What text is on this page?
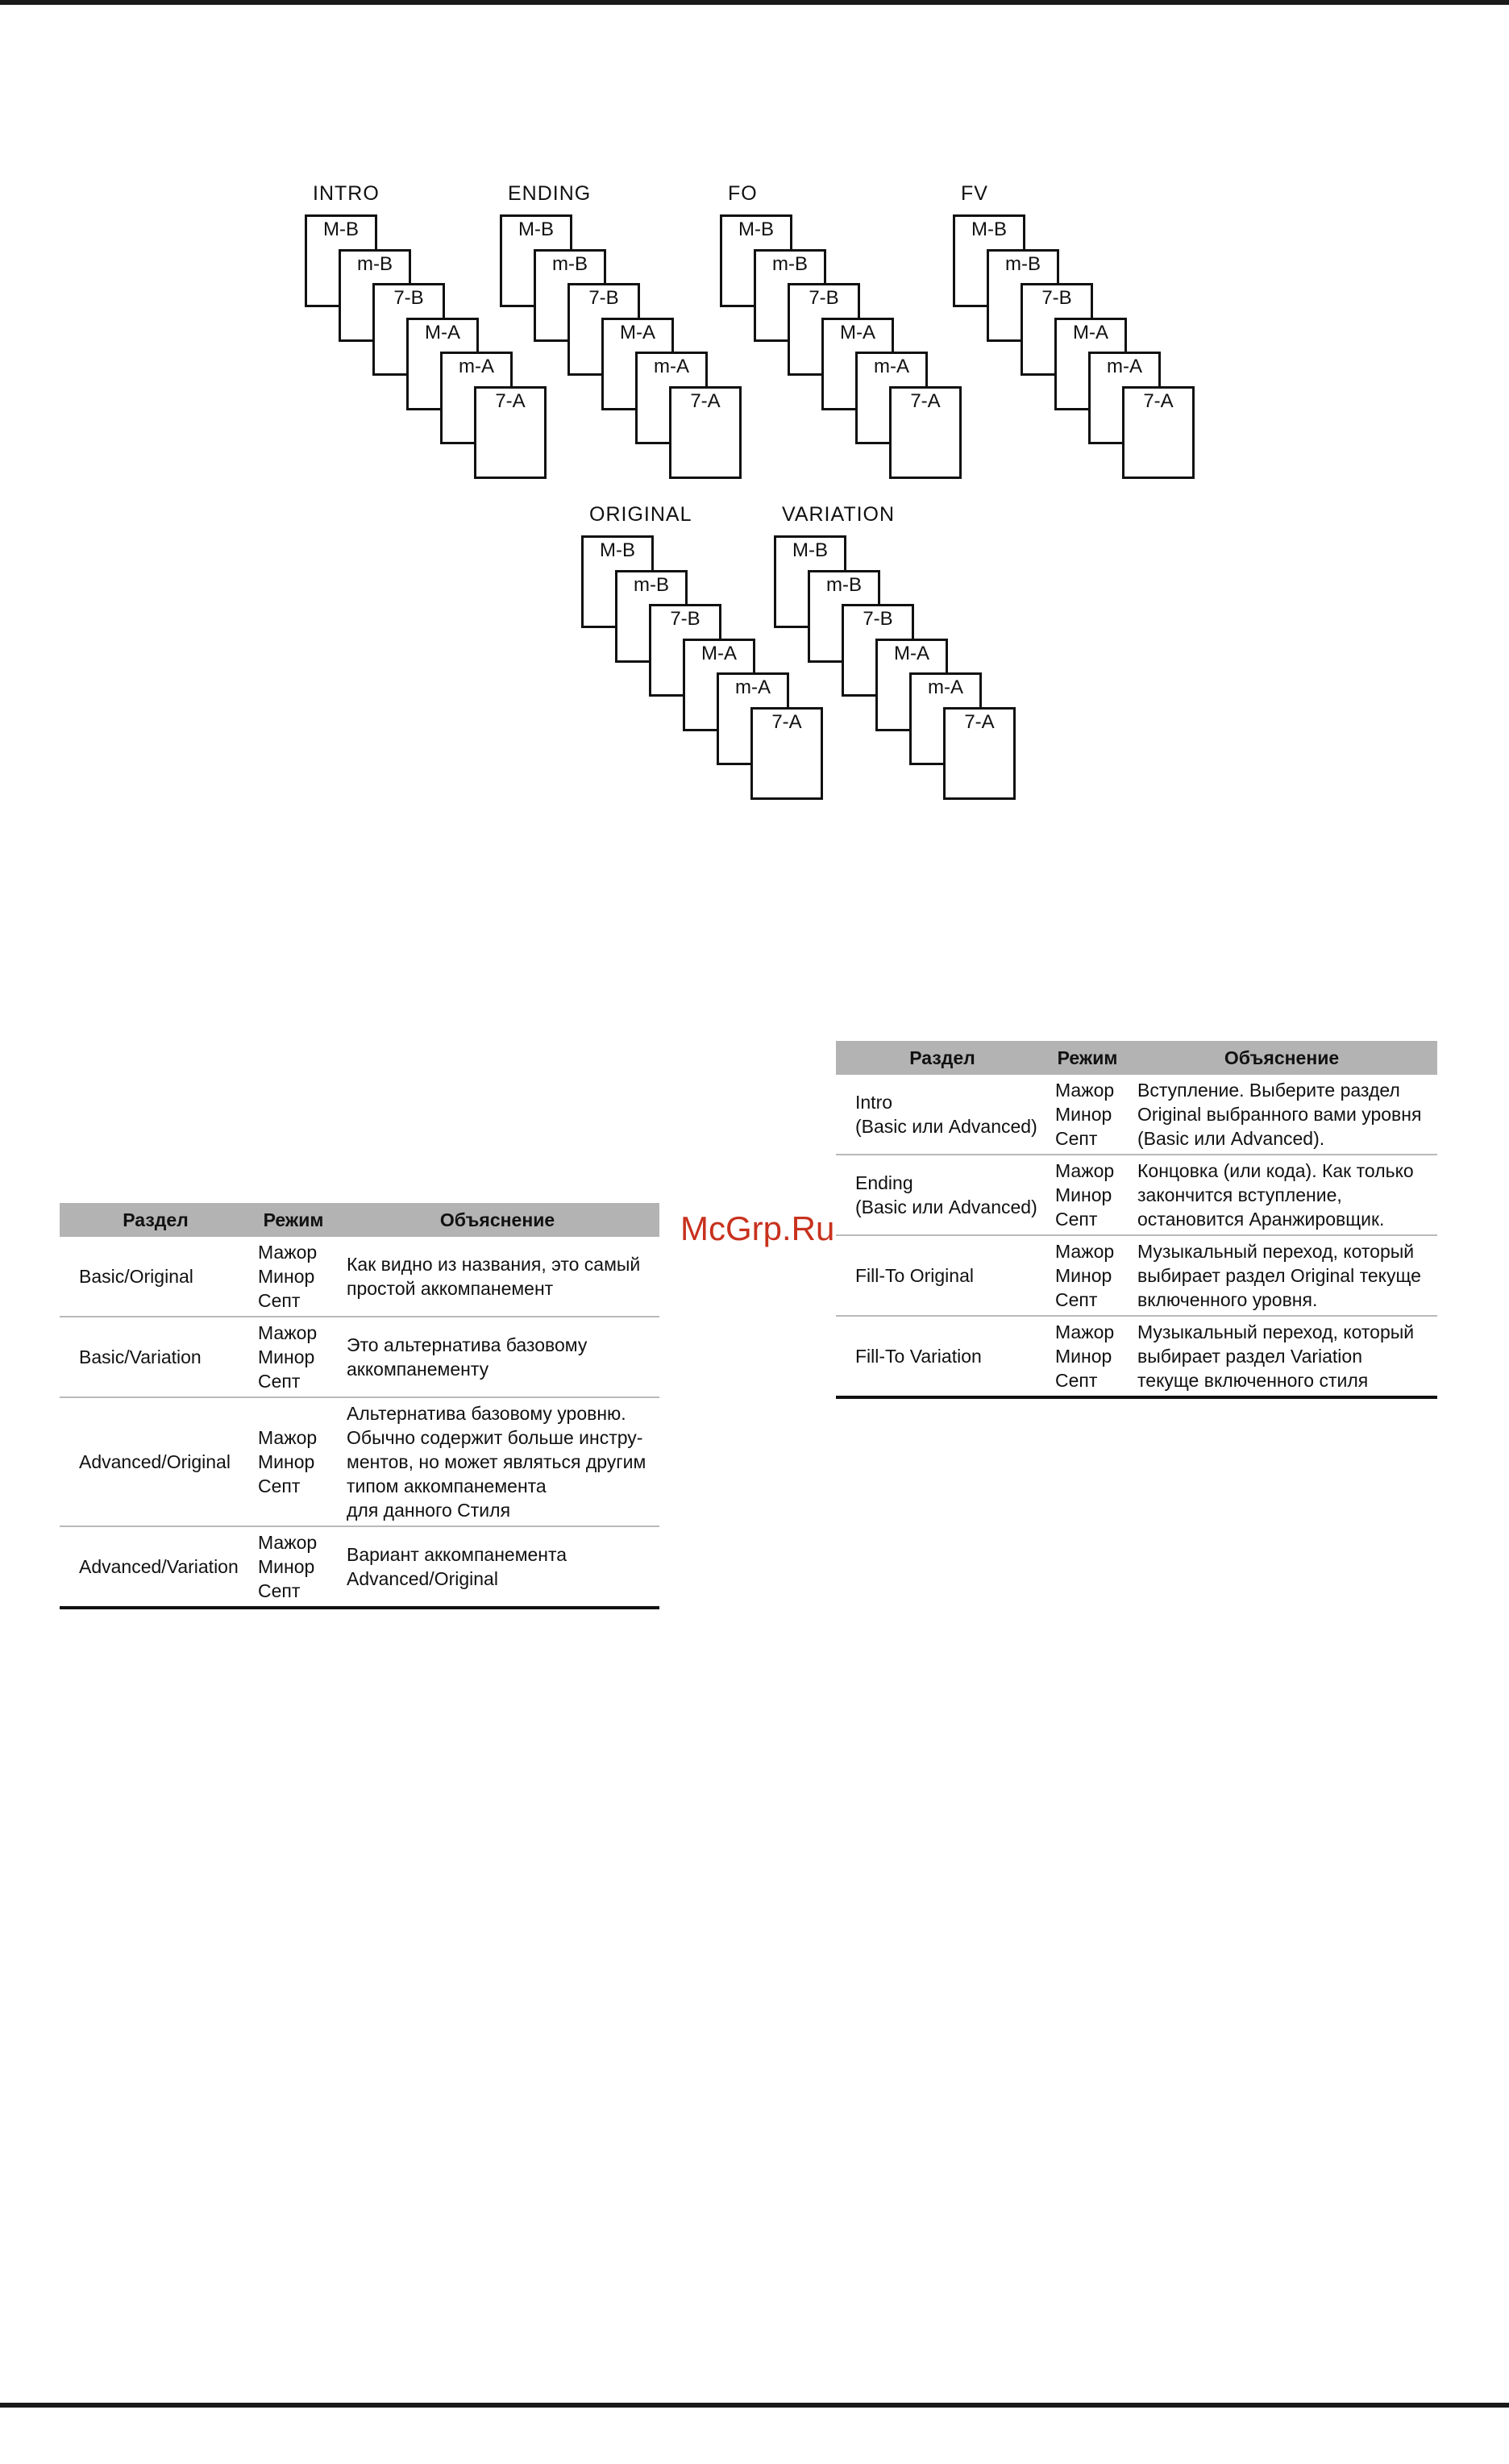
INTRO
M-B
m-B
7-B
M-A
m-A
7-A
ENDING
M-B
m-B
7-B
M-A
m-A
7-A
FO
M-B
m-B
7-B
M-A
m-A
7-A
FV
M-B
m-B
7-B
M-A
m-A
7-A
ORIGINAL
M-B
m-B
7-B
M-A
m-A
7-A
VARIATION
M-B
m-B
7-B
M-A
m-A
7-A
McGrp.Ru
Раздел	Режим	Объяснение

Intro
(Basic или Advanced)	Мажор
Минор
Септ	Вступление. Выберите раздел
Original выбранного вами уровня
(Basic или Advanced).

Ending
(Basic или Advanced)	Мажор
Минор
Септ	Концовка (или кода). Как только
закончится вступление,
остановится Аранжировщик.

Fill-To Original	Мажор
Минор
Септ	Музыкальный переход, который
выбирает раздел Original текуще
включенного уровня.

Fill-To Variation	Мажор
Минор
Септ	Музыкальный переход, который
выбирает раздел Variation
текуще включенного стиля
Раздел	Режим	Объяснение

Basic/Original	Мажор
Минор
Септ	Как видно из названия, это самый
простой аккомпанемент

Basic/Variation	Мажор
Минор
Септ	Это альтернатива базовому
аккомпанементу

Advanced/Original	Мажор
Минор
Септ	Альтернатива базовому уровню.
Обычно содержит больше инстру-
ментов, но может являться другим
типом аккомпанемента
для данного Стиля

Advanced/Variation	Мажор
Минор
Септ	Вариант аккомпанемента
Advanced/Original
